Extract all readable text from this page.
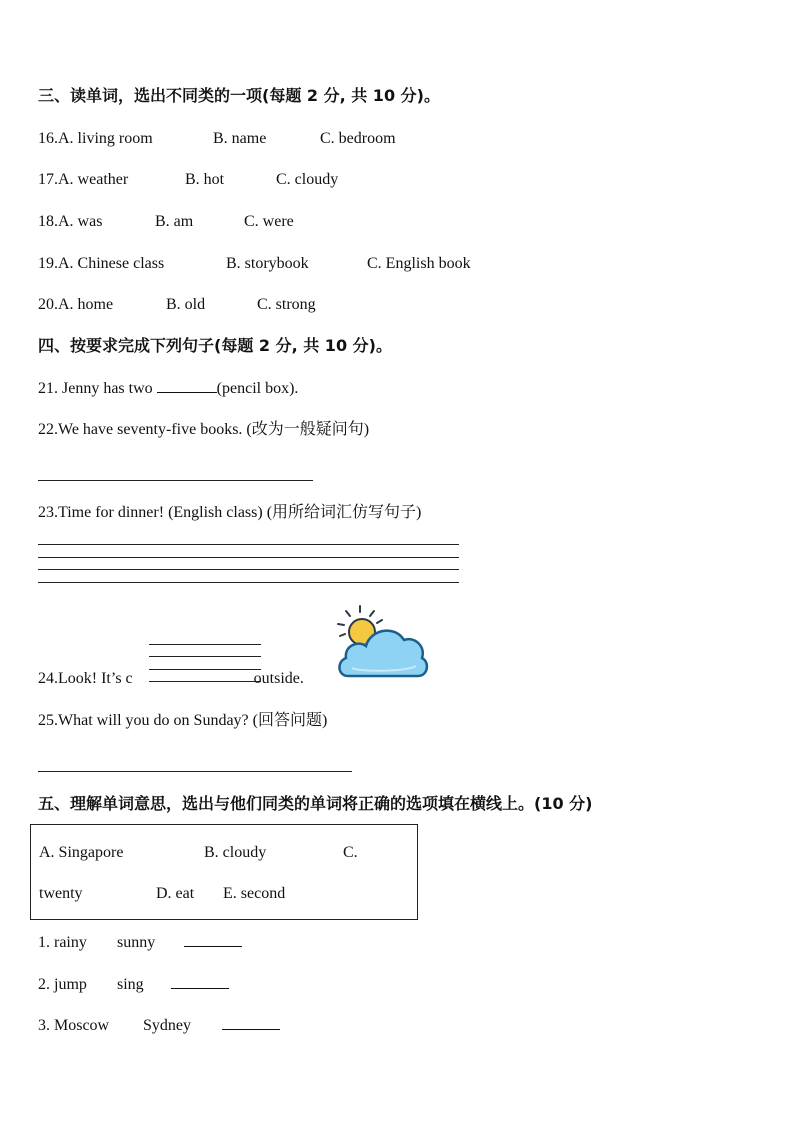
三、读单词，选出不同类的一项(每题 2 分, 共 10 分)。
16.A. living room	B. name	C. bedroom
17.A. weather	B. hot	C. cloudy
18.A. was	B. am	C. were
19.A. Chinese class	B. storybook	C. English book
20.A. home	B. old	C. strong
四、按要求完成下列句子(每题 2 分, 共 10 分)。
21. Jenny has two	(pencil box).
22.We have seventy-five books. (改为一般疑问句)
23.Time for dinner! (English class) (用所给词汇仿写句子)
24.Look! It’s c	outside.
25.What will you do on Sunday? (回答问题)
五、理解单词意思，选出与他们同类的单词将正确的选项填在横线上。(10 分)
A. Singapore	B. cloudy	C.
twenty	D. eat E. second
1. rainy sunny
2. jump sing
3. Moscow Sydney
